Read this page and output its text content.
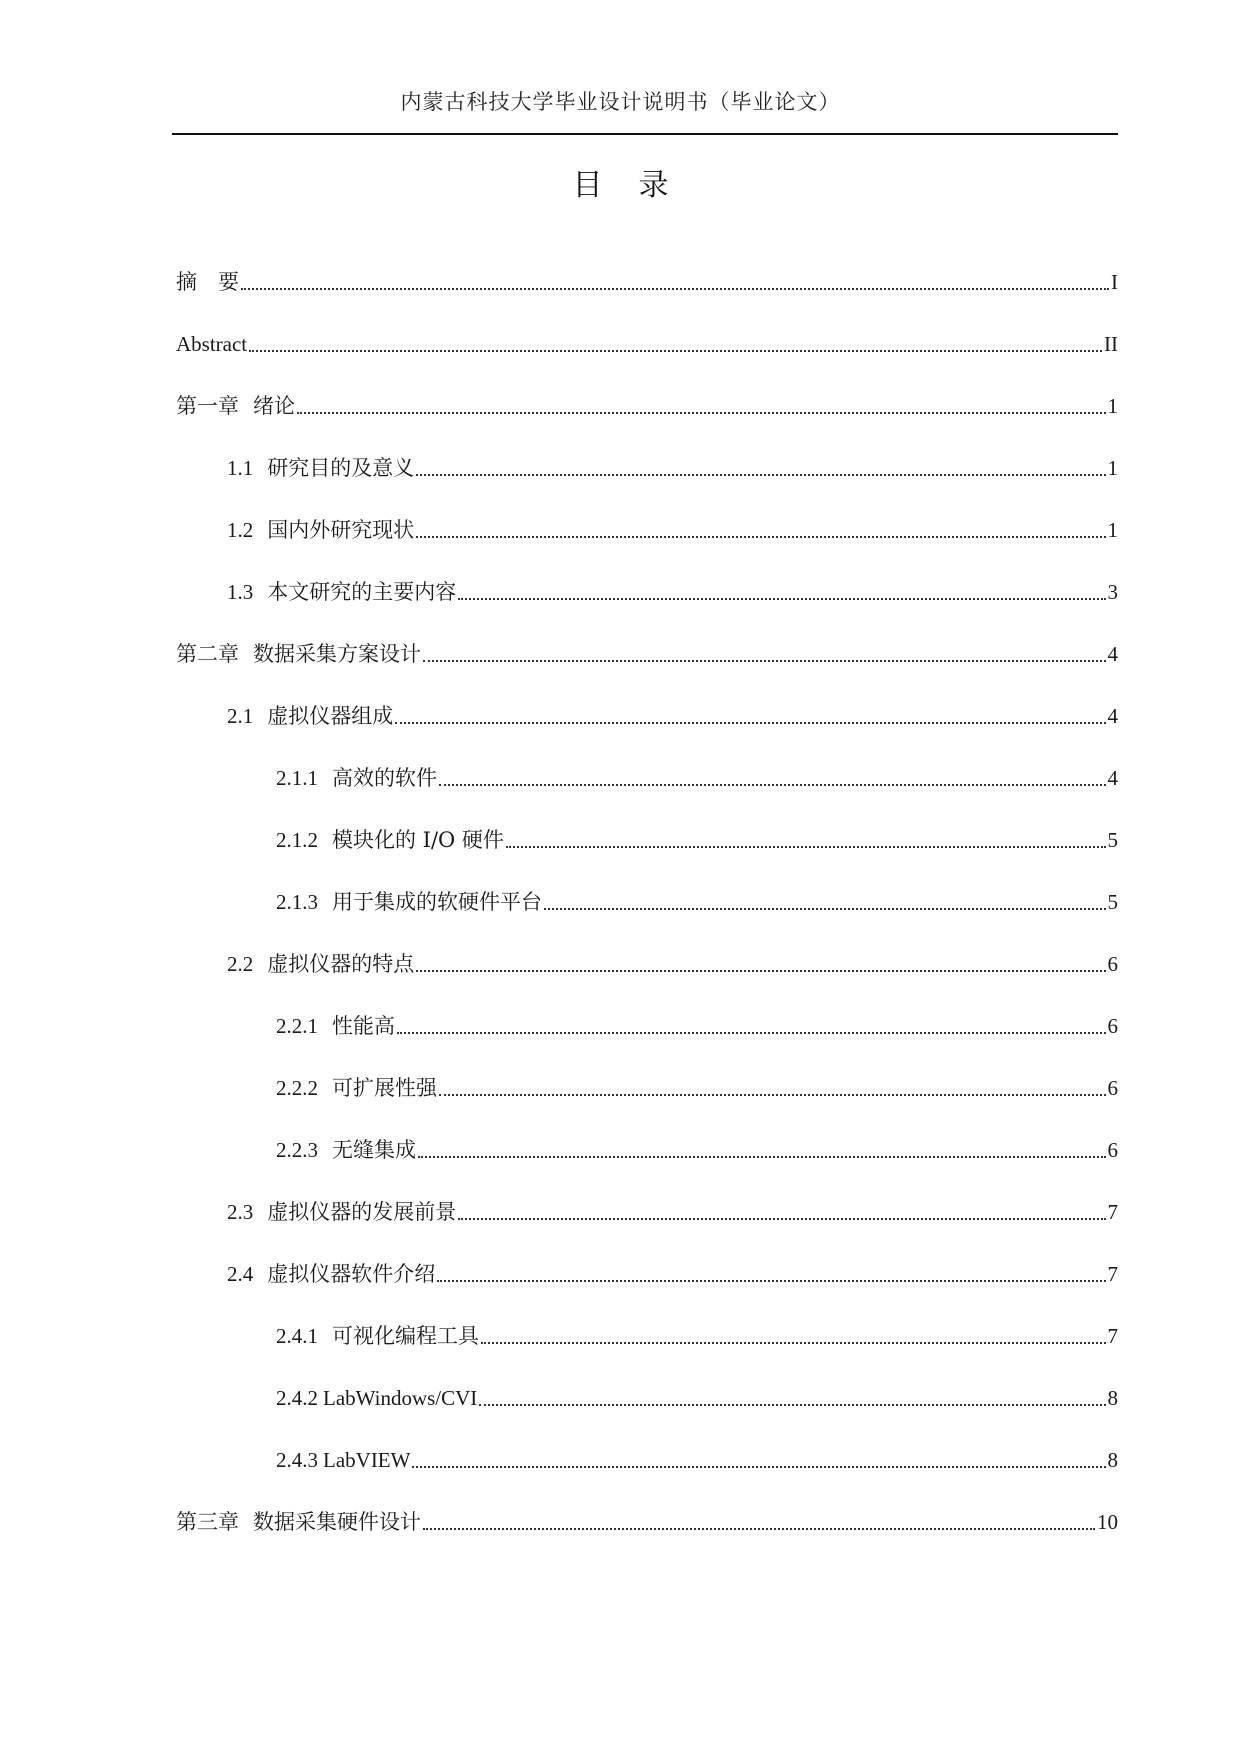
内蒙古科技大学毕业设计说明书（毕业论文）
目录
摘　要	I
Abstract	II
第一章 绪论	1
1.1 研究目的及意义	1
1.2 国内外研究现状	1
1.3 本文研究的主要内容	3
第二章 数据采集方案设计	4
2.1 虚拟仪器组成	4
2.1.1 高效的软件	4
2.1.2 模块化的 I/O 硬件	5
2.1.3 用于集成的软硬件平台	5
2.2 虚拟仪器的特点	6
2.2.1 性能高	6
2.2.2 可扩展性强	6
2.2.3 无缝集成	6
2.3 虚拟仪器的发展前景	7
2.4 虚拟仪器软件介绍	7
2.4.1 可视化编程工具	7
2.4.2 LabWindows/CVI	8
2.4.3 LabVIEW	8
第三章 数据采集硬件设计	10
